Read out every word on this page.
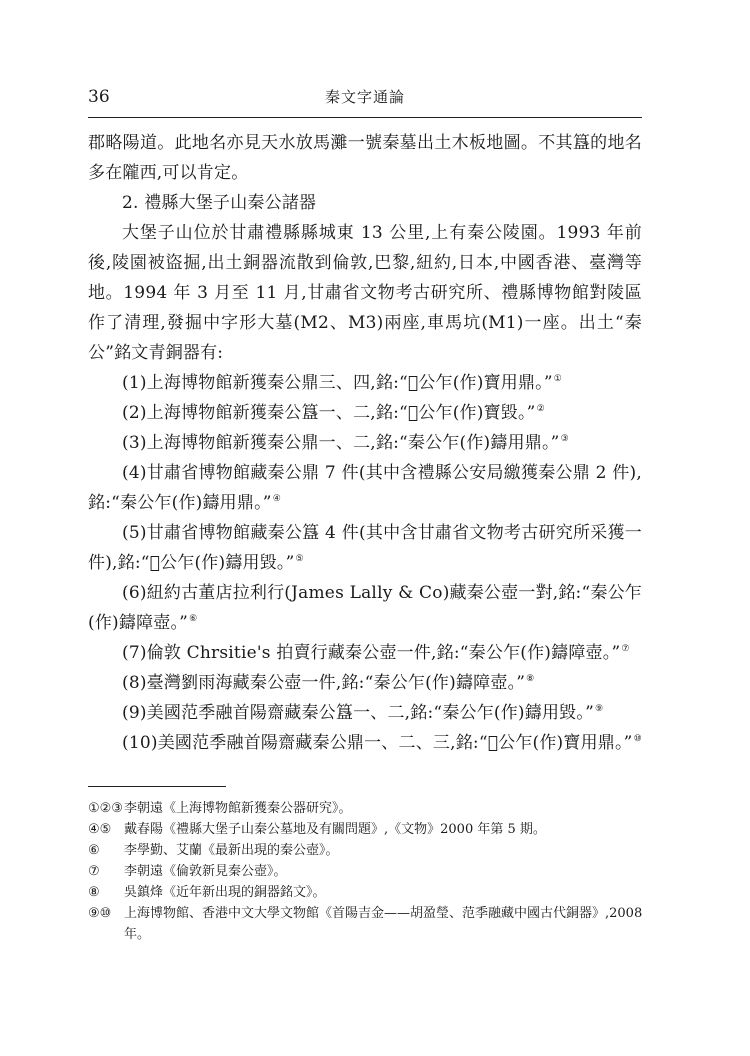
36	秦文字通論

郡略陽道。此地名亦見天水放馬灘一號秦墓出土木板地圖。不其簋的地名多在隴西,可以肯定。

2. 禮縣大堡子山秦公諸器

大堡子山位於甘肅禮縣縣城東 13 公里,上有秦公陵園。1993 年前後,陵園被盜掘,出土銅器流散到倫敦,巴黎,紐約,日本,中國香港、臺灣等地。1994 年 3 月至 11 月,甘肅省文物考古研究所、禮縣博物館對陵區作了清理,發掘中字形大墓(M2、M3)兩座,車馬坑(M1)一座。出土“秦公”銘文青銅器有:

(1)上海博物館新獲秦公鼎三、四,銘:“𥹰公乍(作)寶用鼎。”①

(2)上海博物館新獲秦公簋一、二,銘:“𥹰公乍(作)寶毀。”②

(3)上海博物館新獲秦公鼎一、二,銘:“秦公乍(作)鑄用鼎。”③

(4)甘肅省博物館藏秦公鼎 7 件(其中含禮縣公安局繳獲秦公鼎 2 件),銘:“秦公乍(作)鑄用鼎。”④

(5)甘肅省博物館藏秦公簋 4 件(其中含甘肅省文物考古研究所采獲一件),銘:“𥹰公乍(作)鑄用毀。”⑤

(6)紐約古董店拉利行(James Lally & Co)藏秦公壺一對,銘:“秦公乍(作)鑄障壺。”⑥

(7)倫敦 Chrsitie's 拍賣行藏秦公壺一件,銘:“秦公乍(作)鑄障壺。”⑦

(8)臺灣劉雨海藏秦公壺一件,銘:“秦公乍(作)鑄障壺。”⑧

(9)美國范季融首陽齋藏秦公簋一、二,銘:“秦公乍(作)鑄用毀。”⑨

(10)美國范季融首陽齋藏秦公鼎一、二、三,銘:“𥹰公乍(作)寶用鼎。”⑩

①②③ 李朝遠《上海博物館新獲秦公器研究》。

④⑤ 戴春陽《禮縣大堡子山秦公墓地及有關問題》,《文物》2000 年第 5 期。

⑥	李學勤、艾蘭《最新出現的秦公壺》。

⑦	李朝遠《倫敦新見秦公壺》。

⑧	吳鎮烽《近年新出現的銅器銘文》。

⑨⑩ 上海博物館、香港中文大學文物館《首陽吉金——胡盈瑩、范季融藏中國古代銅器》,2008 年。
